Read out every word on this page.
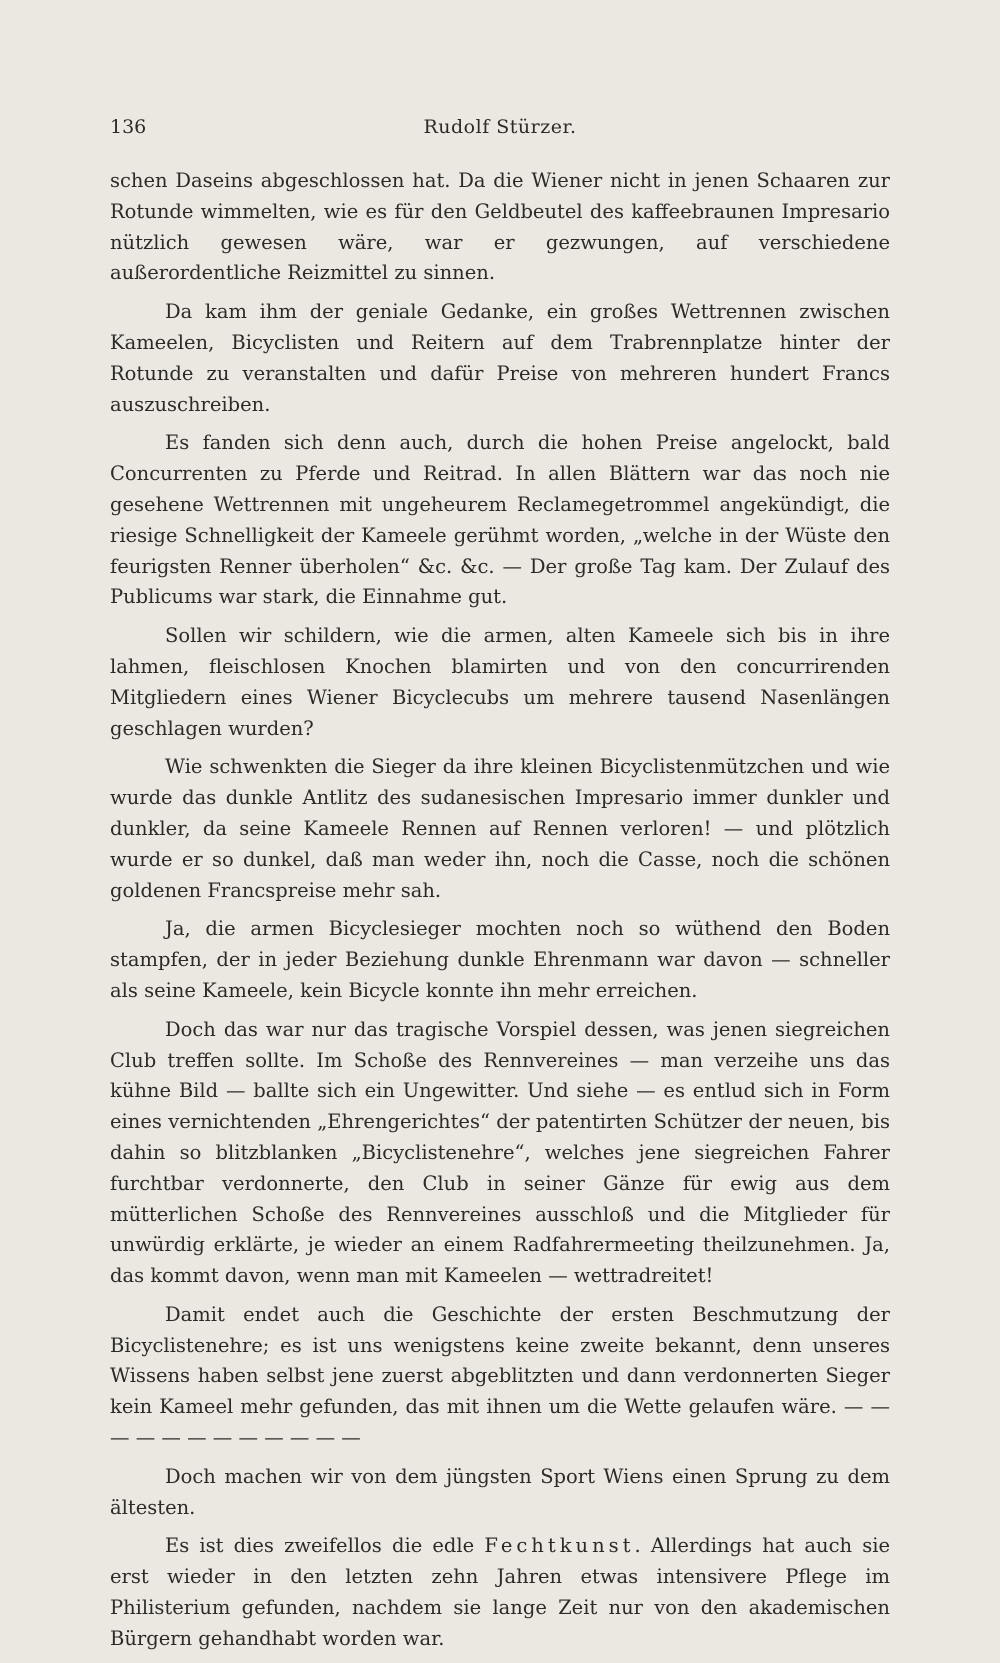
136	Rudolf Stürzer.

schen Daseins abgeschlossen hat. Da die Wiener nicht in jenen Schaaren zur Rotunde wimmelten, wie es für den Geldbeutel des kaffeebraunen Impresario nützlich gewesen wäre, war er gezwungen, auf verschiedene außerordentliche Reizmittel zu sinnen.

Da kam ihm der geniale Gedanke, ein großes Wettrennen zwischen Kameelen, Bicyclisten und Reitern auf dem Trabrennplatze hinter der Rotunde zu veranstalten und dafür Preise von mehreren hundert Francs auszuschreiben.

Es fanden sich denn auch, durch die hohen Preise angelockt, bald Concurrenten zu Pferde und Reitrad. In allen Blättern war das noch nie gesehene Wettrennen mit ungeheurem Reclamegetrommel angekündigt, die riesige Schnelligkeit der Kameele gerühmt worden, „welche in der Wüste den feurigsten Renner überholen“ &c. &c. — Der große Tag kam. Der Zulauf des Publicums war stark, die Einnahme gut.

Sollen wir schildern, wie die armen, alten Kameele sich bis in ihre lahmen, fleischlosen Knochen blamirten und von den concurrirenden Mitgliedern eines Wiener Bicyclecubs um mehrere tausend Nasenlängen geschlagen wurden?

Wie schwenkten die Sieger da ihre kleinen Bicyclistenmützchen und wie wurde das dunkle Antlitz des sudanesischen Impresario immer dunkler und dunkler, da seine Kameele Rennen auf Rennen verloren! — und plötzlich wurde er so dunkel, daß man weder ihn, noch die Casse, noch die schönen goldenen Francspreise mehr sah.

Ja, die armen Bicyclesieger mochten noch so wüthend den Boden stampfen, der in jeder Beziehung dunkle Ehrenmann war davon — schneller als seine Kameele, kein Bicycle konnte ihn mehr erreichen.

Doch das war nur das tragische Vorspiel dessen, was jenen siegreichen Club treffen sollte. Im Schoße des Rennvereines — man verzeihe uns das kühne Bild — ballte sich ein Ungewitter. Und siehe — es entlud sich in Form eines vernichtenden „Ehrengerichtes“ der patentirten Schützer der neuen, bis dahin so blitzblanken „Bicyclistenehre“, welches jene siegreichen Fahrer furchtbar verdonnerte, den Club in seiner Gänze für ewig aus dem mütterlichen Schoße des Rennvereines ausschloß und die Mitglieder für unwürdig erklärte, je wieder an einem Radfahrermeeting theilzunehmen. Ja, das kommt davon, wenn man mit Kameelen — wettradreitet!

Damit endet auch die Geschichte der ersten Beschmutzung der Bicyclistenehre; es ist uns wenigstens keine zweite bekannt, denn unseres Wissens haben selbst jene zuerst abgeblitzten und dann verdonnerten Sieger kein Kameel mehr gefunden, das mit ihnen um die Wette gelaufen wäre. — — — — — — — — — — — —

Doch machen wir von dem jüngsten Sport Wiens einen Sprung zu dem ältesten.

Es ist dies zweifellos die edle Fechtkunst. Allerdings hat auch sie erst wieder in den letzten zehn Jahren etwas intensivere Pflege im Philisterium gefunden, nachdem sie lange Zeit nur von den akademischen Bürgern gehandhabt worden war.
